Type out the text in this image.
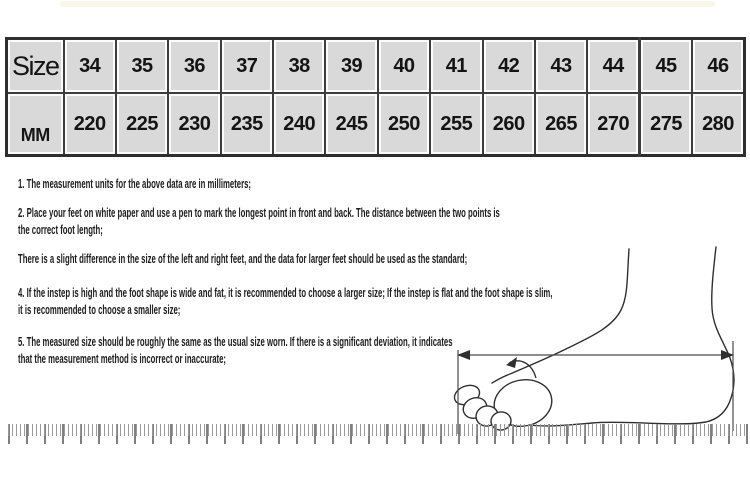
Size	34	35	36	37	38	39	40	41	42	43	44	45	46
MM	220	225	230	235	240	245	250	255	260	265	270	275	280

1. The measurement units for the above data are in millimeters;

2. Place your feet on white paper and use a pen to mark the longest point in front and back. The distance between the two points is
the correct foot length;

There is a slight difference in the size of the left and right feet, and the data for larger feet should be used as the standard;

4. If the instep is high and the foot shape is wide and fat, it is recommended to choose a larger size; If the instep is flat and the foot shape is slim,
it is recommended to choose a smaller size;

5. The measured size should be roughly the same as the usual size worn. If there is a significant deviation, it indicates
that the measurement method is incorrect or inaccurate;
